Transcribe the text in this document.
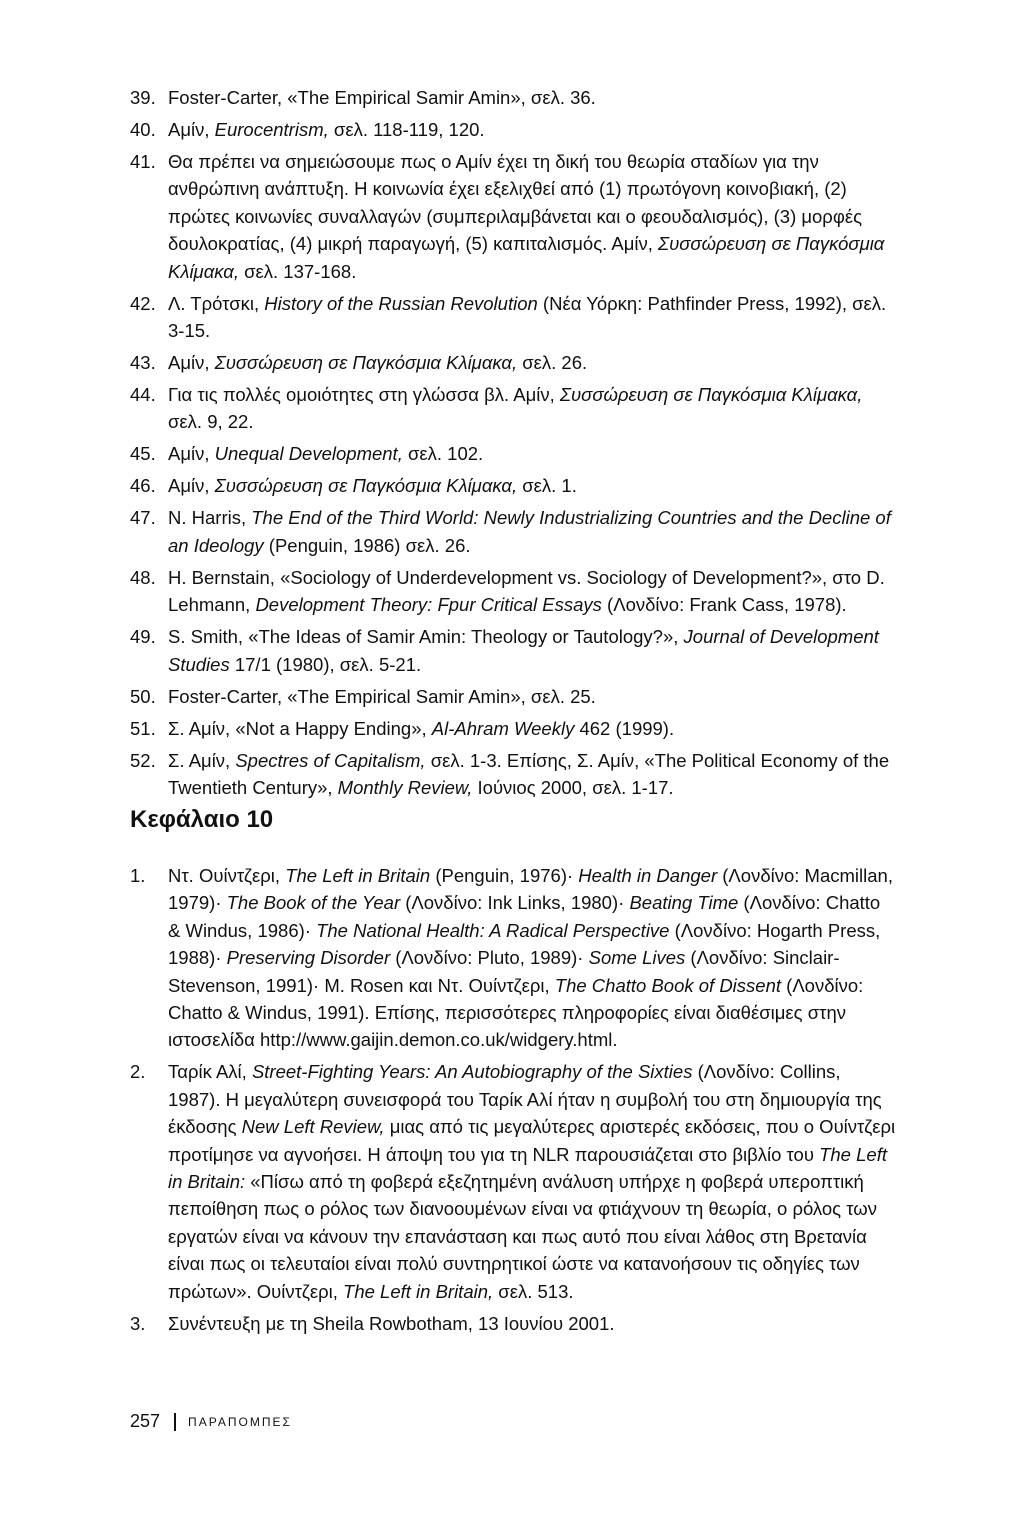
39. Foster-Carter, «The Empirical Samir Amin», σελ. 36.
40. Αμίν, Eurocentrism, σελ. 118-119, 120.
41. Θα πρέπει να σημειώσουμε πως ο Αμίν έχει τη δική του θεωρία σταδίων για την ανθρώπινη ανάπτυξη. Η κοινωνία έχει εξελιχθεί από (1) πρωτόγονη κοινοβιακή, (2) πρώτες κοινωνίες συναλλαγών (συμπεριλαμβάνεται και ο φεουδαλισμός), (3) μορφές δουλοκρατίας, (4) μικρή παραγωγή, (5) καπιταλισμός. Αμίν, Συσσώρευση σε Παγκόσμια Κλίμακα, σελ. 137-168.
42. Λ. Τρότσκι, History of the Russian Revolution (Νέα Υόρκη: Pathfinder Press, 1992), σελ. 3-15.
43. Αμίν, Συσσώρευση σε Παγκόσμια Κλίμακα, σελ. 26.
44. Για τις πολλές ομοιότητες στη γλώσσα βλ. Αμίν, Συσσώρευση σε Παγκόσμια Κλίμακα, σελ. 9, 22.
45. Αμίν, Unequal Development, σελ. 102.
46. Αμίν, Συσσώρευση σε Παγκόσμια Κλίμακα, σελ. 1.
47. N. Harris, The End of the Third World: Newly Industrializing Countries and the Decline of an Ideology (Penguin, 1986) σελ. 26.
48. H. Bernstain, «Sociology of Underdevelopment vs. Sociology of Development?», στο D. Lehmann, Development Theory: Fpur Critical Essays (Λονδίνο: Frank Cass, 1978).
49. S. Smith, «The Ideas of Samir Amin: Theology or Tautology?», Journal of Development Studies 17/1 (1980), σελ. 5-21.
50. Foster-Carter, «The Empirical Samir Amin», σελ. 25.
51. Σ. Αμίν, «Not a Happy Ending», Al-Ahram Weekly 462 (1999).
52. Σ. Αμίν, Spectres of Capitalism, σελ. 1-3. Επίσης, Σ. Αμίν, «The Political Economy of the Twentieth Century», Monthly Review, Ιούνιος 2000, σελ. 1-17.
Κεφάλαιο 10
1. Ντ. Ουίντζερι, The Left in Britain (Penguin, 1976)· Health in Danger (Λονδίνο: Macmillan, 1979)· The Book of the Year (Λονδίνο: Ink Links, 1980)· Beating Time (Λονδίνο: Chatto & Windus, 1986)· The National Health: A Radical Perspective (Λονδίνο: Hogarth Press, 1988)· Preserving Disorder (Λονδίνο: Pluto, 1989)· Some Lives (Λονδίνο: Sinclair-Stevenson, 1991)· M. Rosen και Ντ. Ουίντζερι, The Chatto Book of Dissent (Λονδίνο: Chatto & Windus, 1991). Επίσης, περισσότερες πληροφορίες είναι διαθέσιμες στην ιστοσελίδα http://www.gaijin.demon.co.uk/widgery.html.
2. Ταρίκ Αλί, Street-Fighting Years: An Autobiography of the Sixties (Λονδίνο: Collins, 1987). Η μεγαλύτερη συνεισφορά του Ταρίκ Αλί ήταν η συμβολή του στη δημιουργία της έκδοσης New Left Review, μιας από τις μεγαλύτερες αριστερές εκδόσεις, που ο Ουίντζερι προτίμησε να αγνοήσει. Η άποψη του για τη NLR παρουσιάζεται στο βιβλίο του The Left in Britain: «Πίσω από τη φοβερά εξεζητημένη ανάλυση υπήρχε η φοβερά υπεροπτική πεποίθηση πως ο ρόλος των διανοουμένων είναι να φτιάχνουν τη θεωρία, ο ρόλος των εργατών είναι να κάνουν την επανάσταση και πως αυτό που είναι λάθος στη Βρετανία είναι πως οι τελευταίοι είναι πολύ συντηρητικοί ώστε να κατανοήσουν τις οδηγίες των πρώτων». Ουίντζερι, The Left in Britain, σελ. 513.
3. Συνέντευξη με τη Sheila Rowbotham, 13 Ιουνίου 2001.
257 ΠΑΡΑΠΟΜΠΕΣ
